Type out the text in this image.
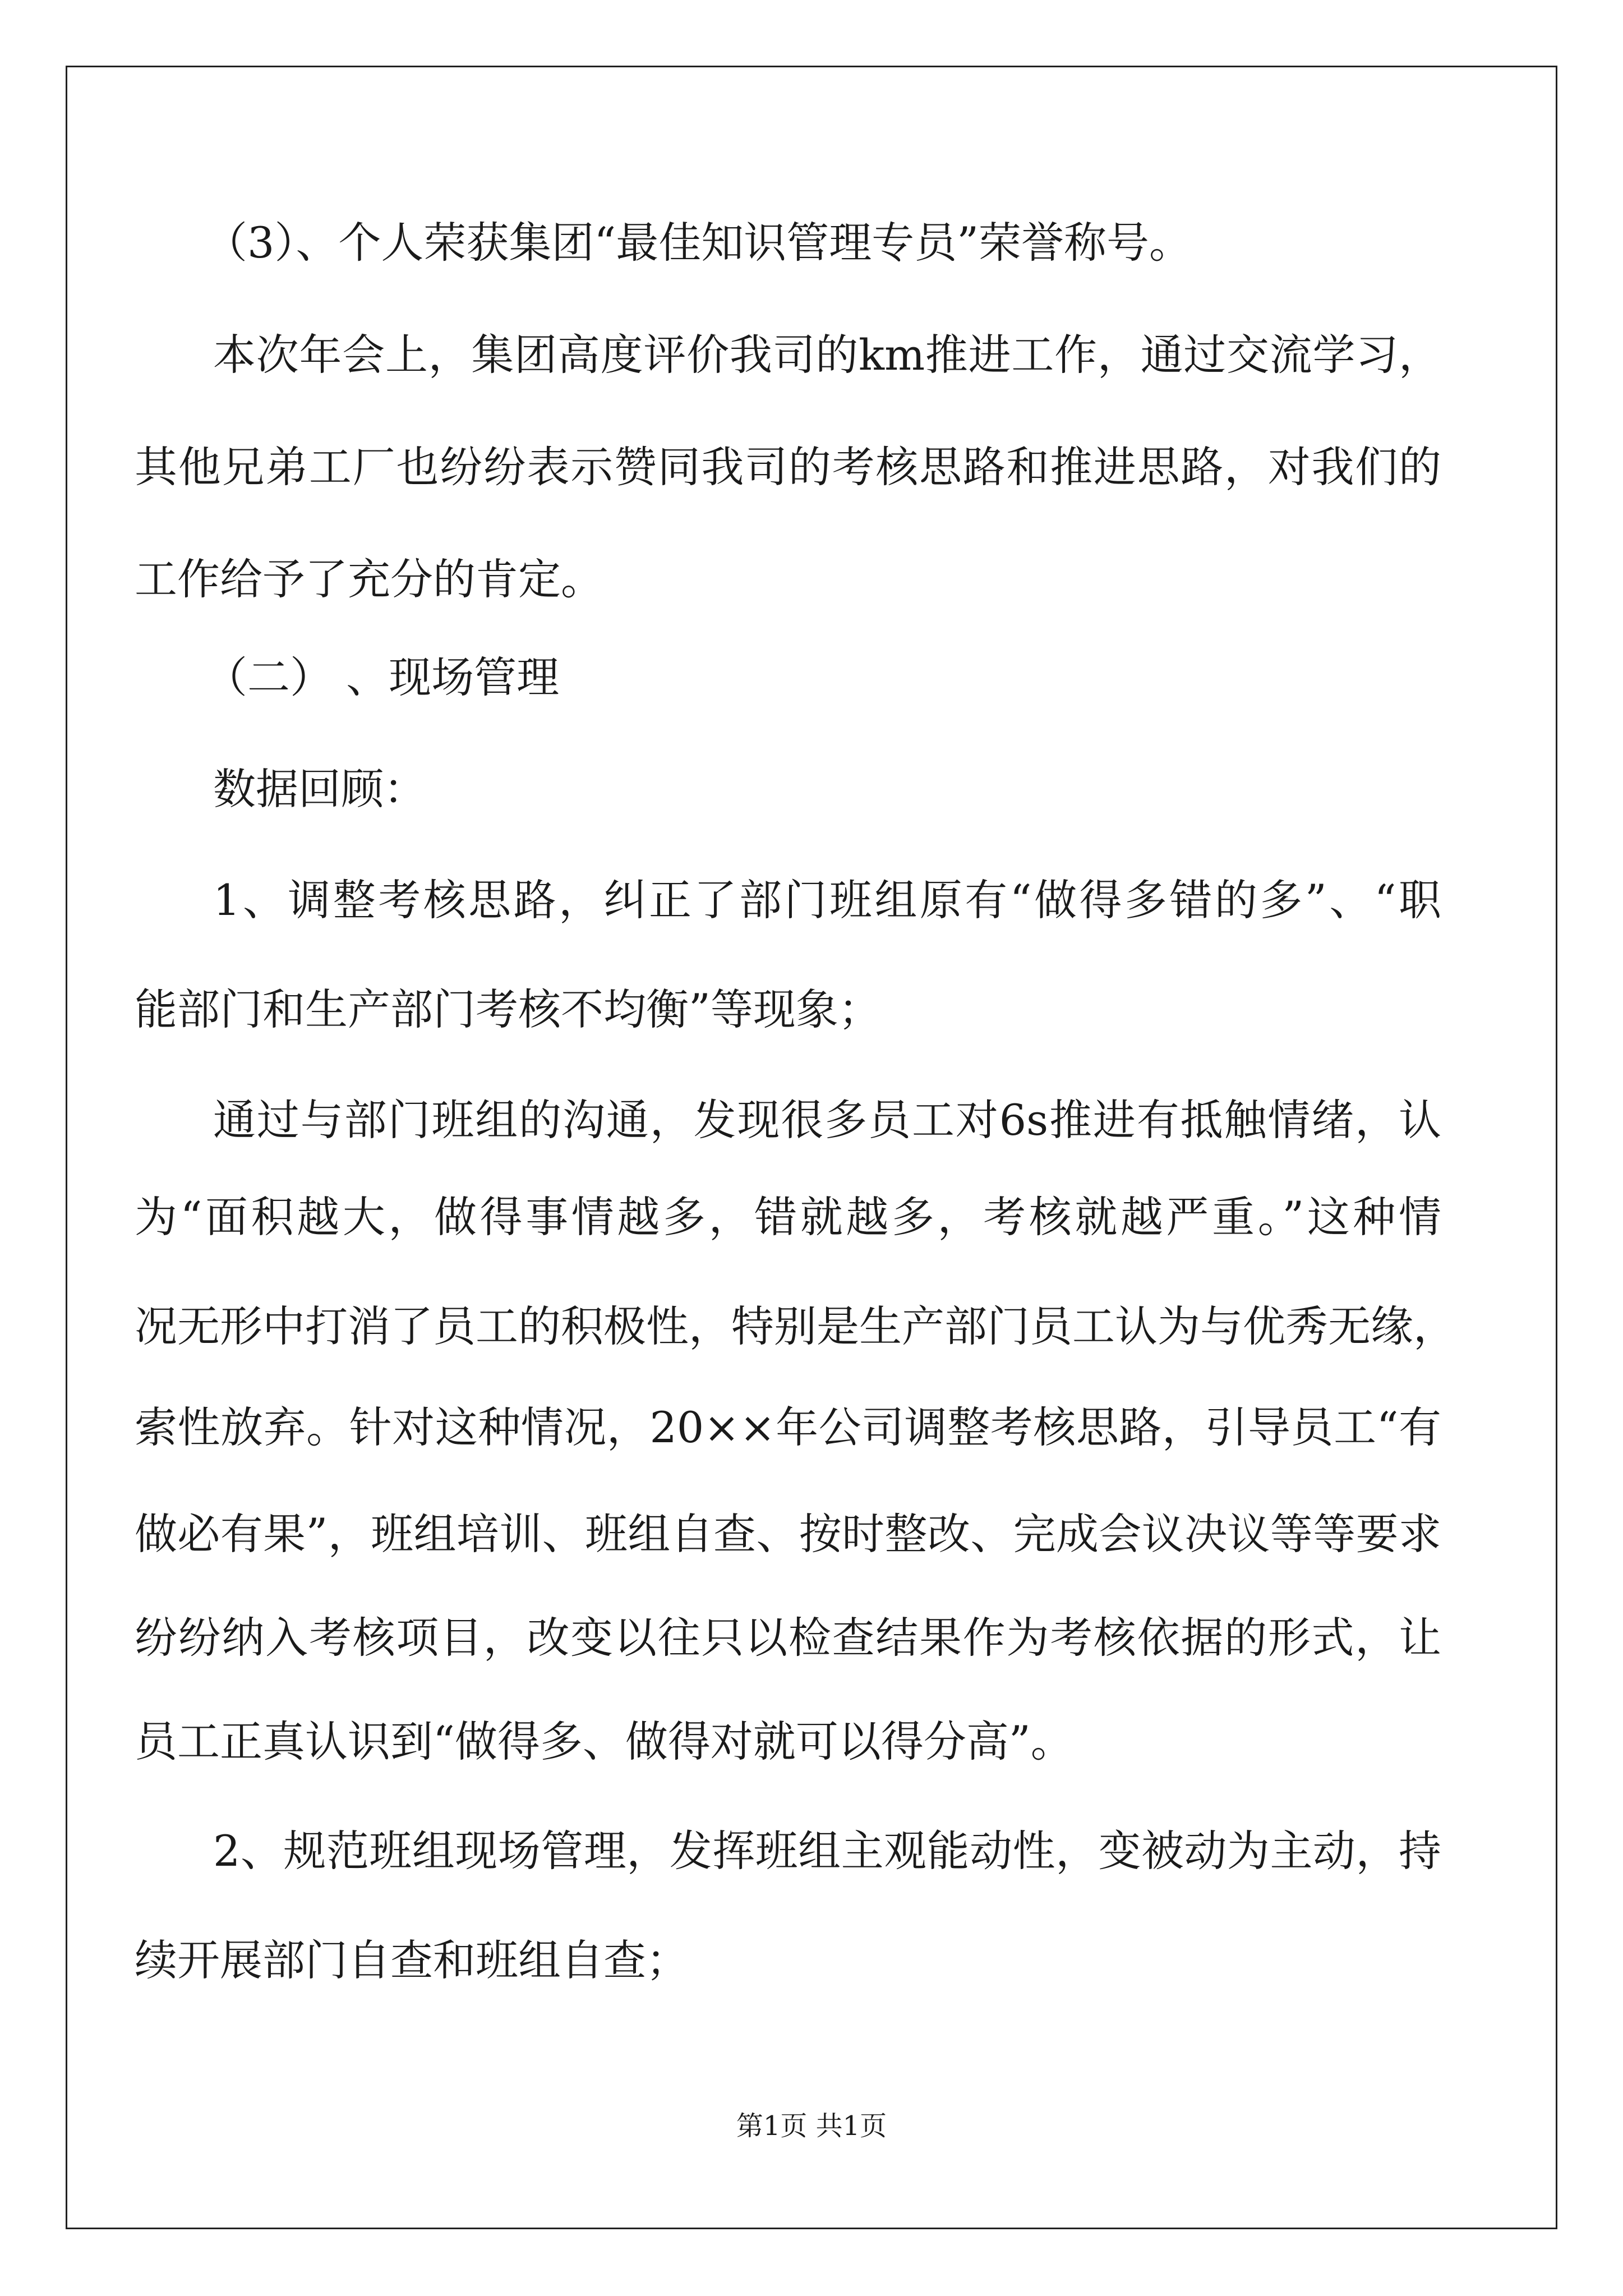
（3）、个人荣获集团“最佳知识管理专员”荣誉称号。
本次年会上，集团高度评价我司的km推进工作，通过交流学习，
其他兄弟工厂也纷纷表示赞同我司的考核思路和推进思路，对我们的
工作给予了充分的肯定。
（二） 、现场管理
数据回顾：
1、调整考核思路，纠正了部门班组原有“做得多错的多”、“职
能部门和生产部门考核不均衡”等现象；
通过与部门班组的沟通，发现很多员工对6s推进有抵触情绪，认
为“面积越大，做得事情越多，错就越多，考核就越严重。”这种情
况无形中打消了员工的积极性，特别是生产部门员工认为与优秀无缘，
索性放弃。针对这种情况，20××年公司调整考核思路，引导员工“有
做必有果”，班组培训、班组自查、按时整改、完成会议决议等等要求
纷纷纳入考核项目，改变以往只以检查结果作为考核依据的形式，让
员工正真认识到“做得多、做得对就可以得分高”。
2、规范班组现场管理，发挥班组主观能动性，变被动为主动，持
续开展部门自查和班组自查；
第1页 共1页
